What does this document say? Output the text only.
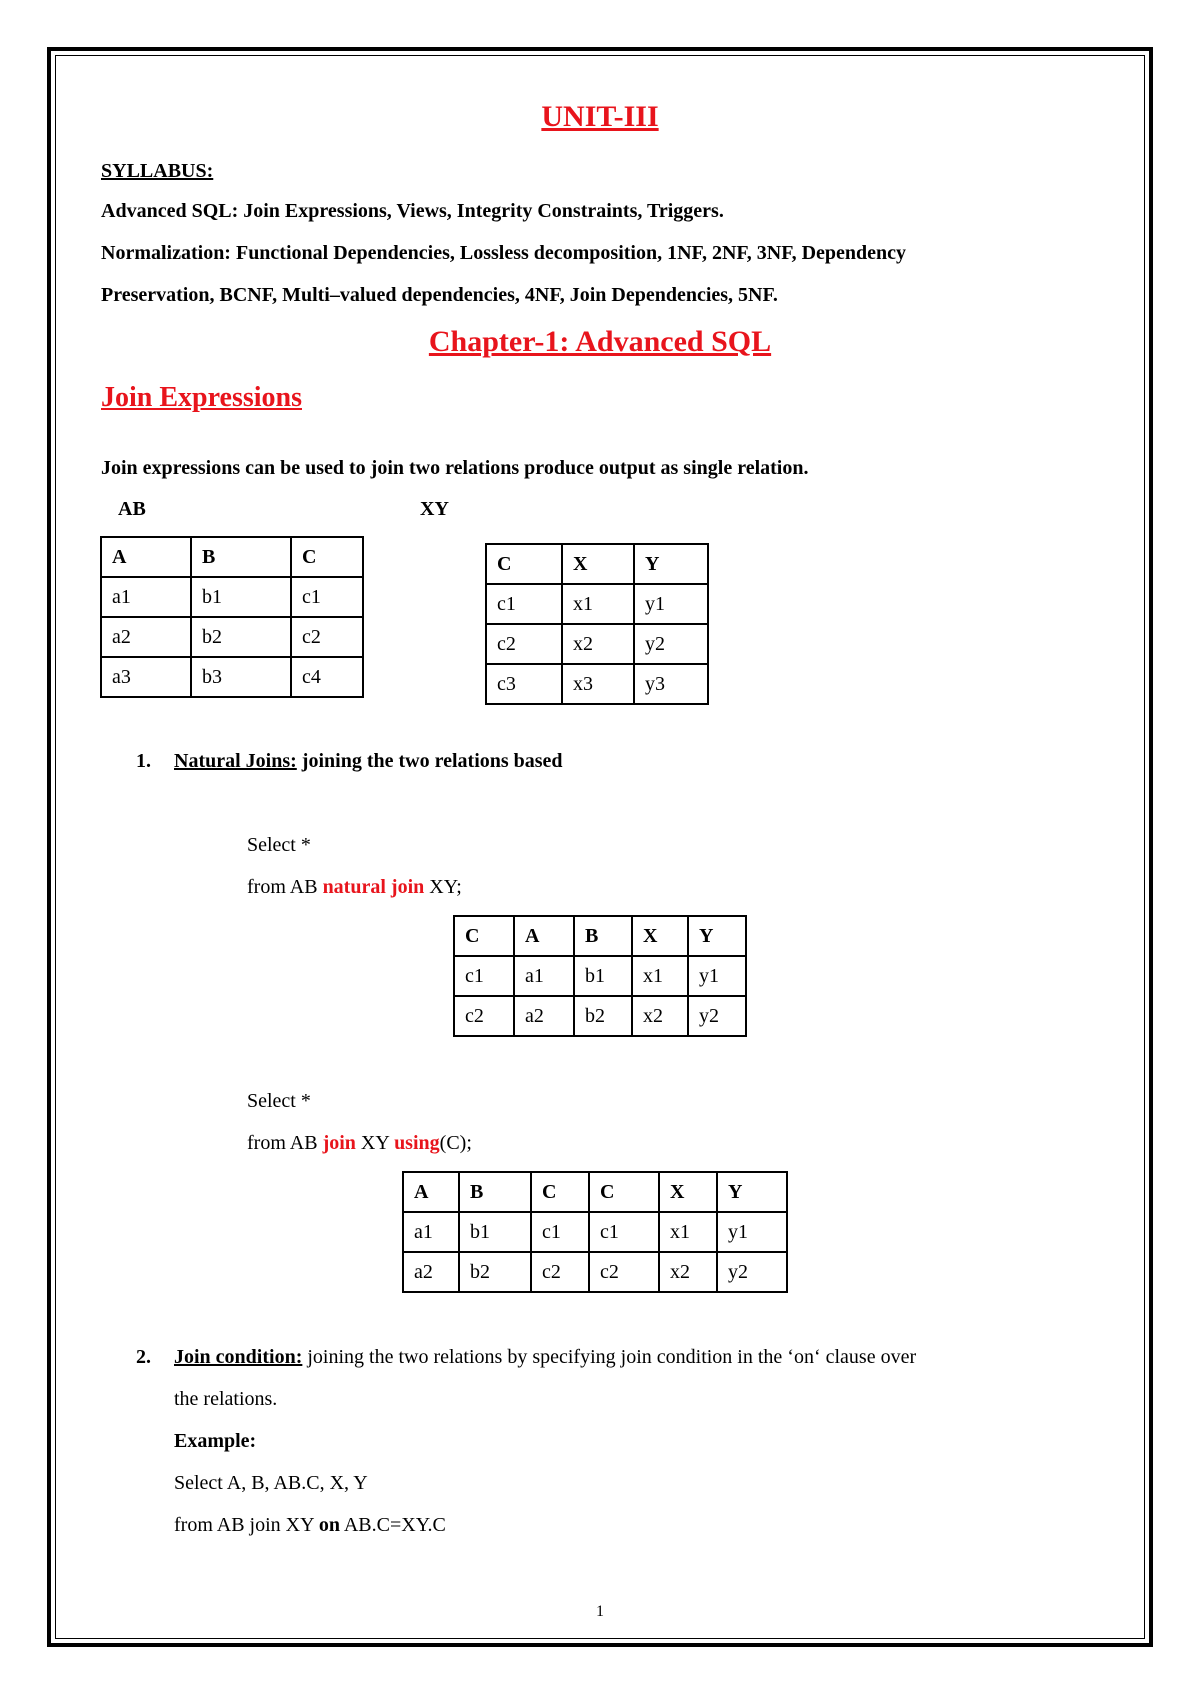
UNIT-III
SYLLABUS:
Advanced SQL: Join Expressions, Views, Integrity Constraints, Triggers.
Normalization: Functional Dependencies, Lossless decomposition, 1NF, 2NF, 3NF, Dependency
Preservation, BCNF, Multi–valued dependencies, 4NF, Join Dependencies, 5NF.
Chapter-1: Advanced SQL
Join Expressions
Join expressions can be used to join two relations produce output as single relation.
AB	XY
A	B	C
a1	b1	c1
a2	b2	c2
a3	b3	c4
C	X	Y
c1	x1	y1
c2	x2	y2
c3	x3	y3
1. Natural Joins: joining the two relations based
Select *
from AB natural join XY;
C	A	B	X	Y
c1	a1	b1	x1	y1
c2	a2	b2	x2	y2
Select *
from AB join XY using(C);
A	B	C	C	X	Y
a1	b1	c1	c1	x1	y1
a2	b2	c2	c2	x2	y2
2. Join condition: joining the two relations by specifying join condition in the ‘on‘ clause over
the relations.
Example:
Select A, B, AB.C, X, Y
from AB join XY on AB.C=XY.C
1
